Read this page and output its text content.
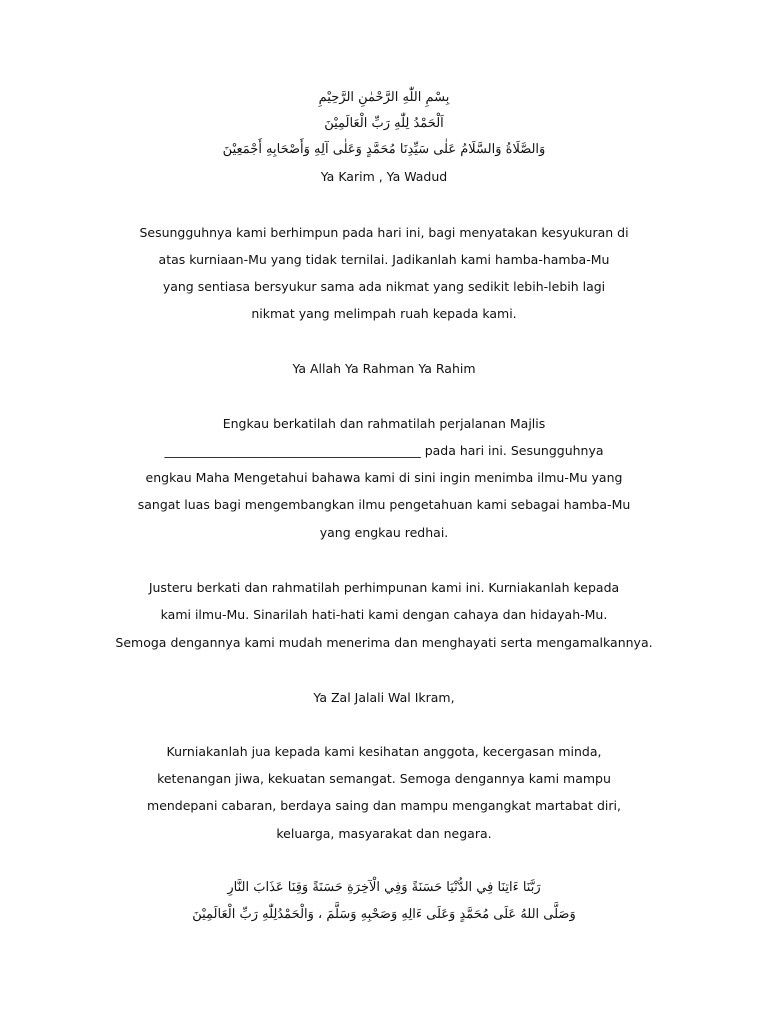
بِسْمِ اللّٰهِ الرَّحْمٰنِ الرَّحِيْمِ
اَلْحَمْدُ لِلّٰهِ رَبِّ الْعَالَمِيْنَ
وَالصَّلَاةُ وَالسَّلَامُ عَلٰى سَيِّدِنَا مُحَمَّدٍ وَعَلٰى آلِهِ وَأَصْحَابِهِ أَجْمَعِيْنَ
Ya Karim , Ya Wadud
Sesungguhnya kami berhimpun pada hari ini, bagi menyatakan kesyukuran di
atas kurniaan-Mu yang tidak ternilai. Jadikanlah kami hamba-hamba-Mu
yang sentiasa bersyukur sama ada nikmat yang sedikit lebih-lebih lagi
nikmat yang melimpah ruah kepada kami.
Ya Allah Ya Rahman Ya Rahim
Engkau berkatilah dan rahmatilah perjalanan Majlis
_________________________________________ pada hari ini. Sesungguhnya
engkau Maha Mengetahui bahawa kami di sini ingin menimba ilmu-Mu yang
sangat luas bagi mengembangkan ilmu pengetahuan kami sebagai hamba-Mu
yang engkau redhai.
Justeru berkati dan rahmatilah perhimpunan kami ini. Kurniakanlah kepada
kami ilmu-Mu. Sinarilah hati-hati kami dengan cahaya dan hidayah-Mu.
Semoga dengannya kami mudah menerima dan menghayati serta mengamalkannya.
Ya Zal Jalali Wal Ikram,
Kurniakanlah jua kepada kami kesihatan anggota, kecergasan minda,
ketenangan jiwa, kekuatan semangat. Semoga dengannya kami mampu
mendepani cabaran, berdaya saing dan mampu mengangkat martabat diri,
keluarga, masyarakat dan negara.
رَبَّنَا ءَاتِنَا فِي الدُّنْيَا حَسَنَةً وَفِي الْآخِرَةِ حَسَنَةً وَقِنَا عَذَابَ النَّارِ
وَصَلَّى اللهُ عَلَى مُحَمَّدٍ وَعَلَى ءَالِهِ وَصَحْبِهِ وَسَلَّمَ ، وَالْحَمْدُلِلّٰهِ رَبِّ الْعَالَمِيْنَ
